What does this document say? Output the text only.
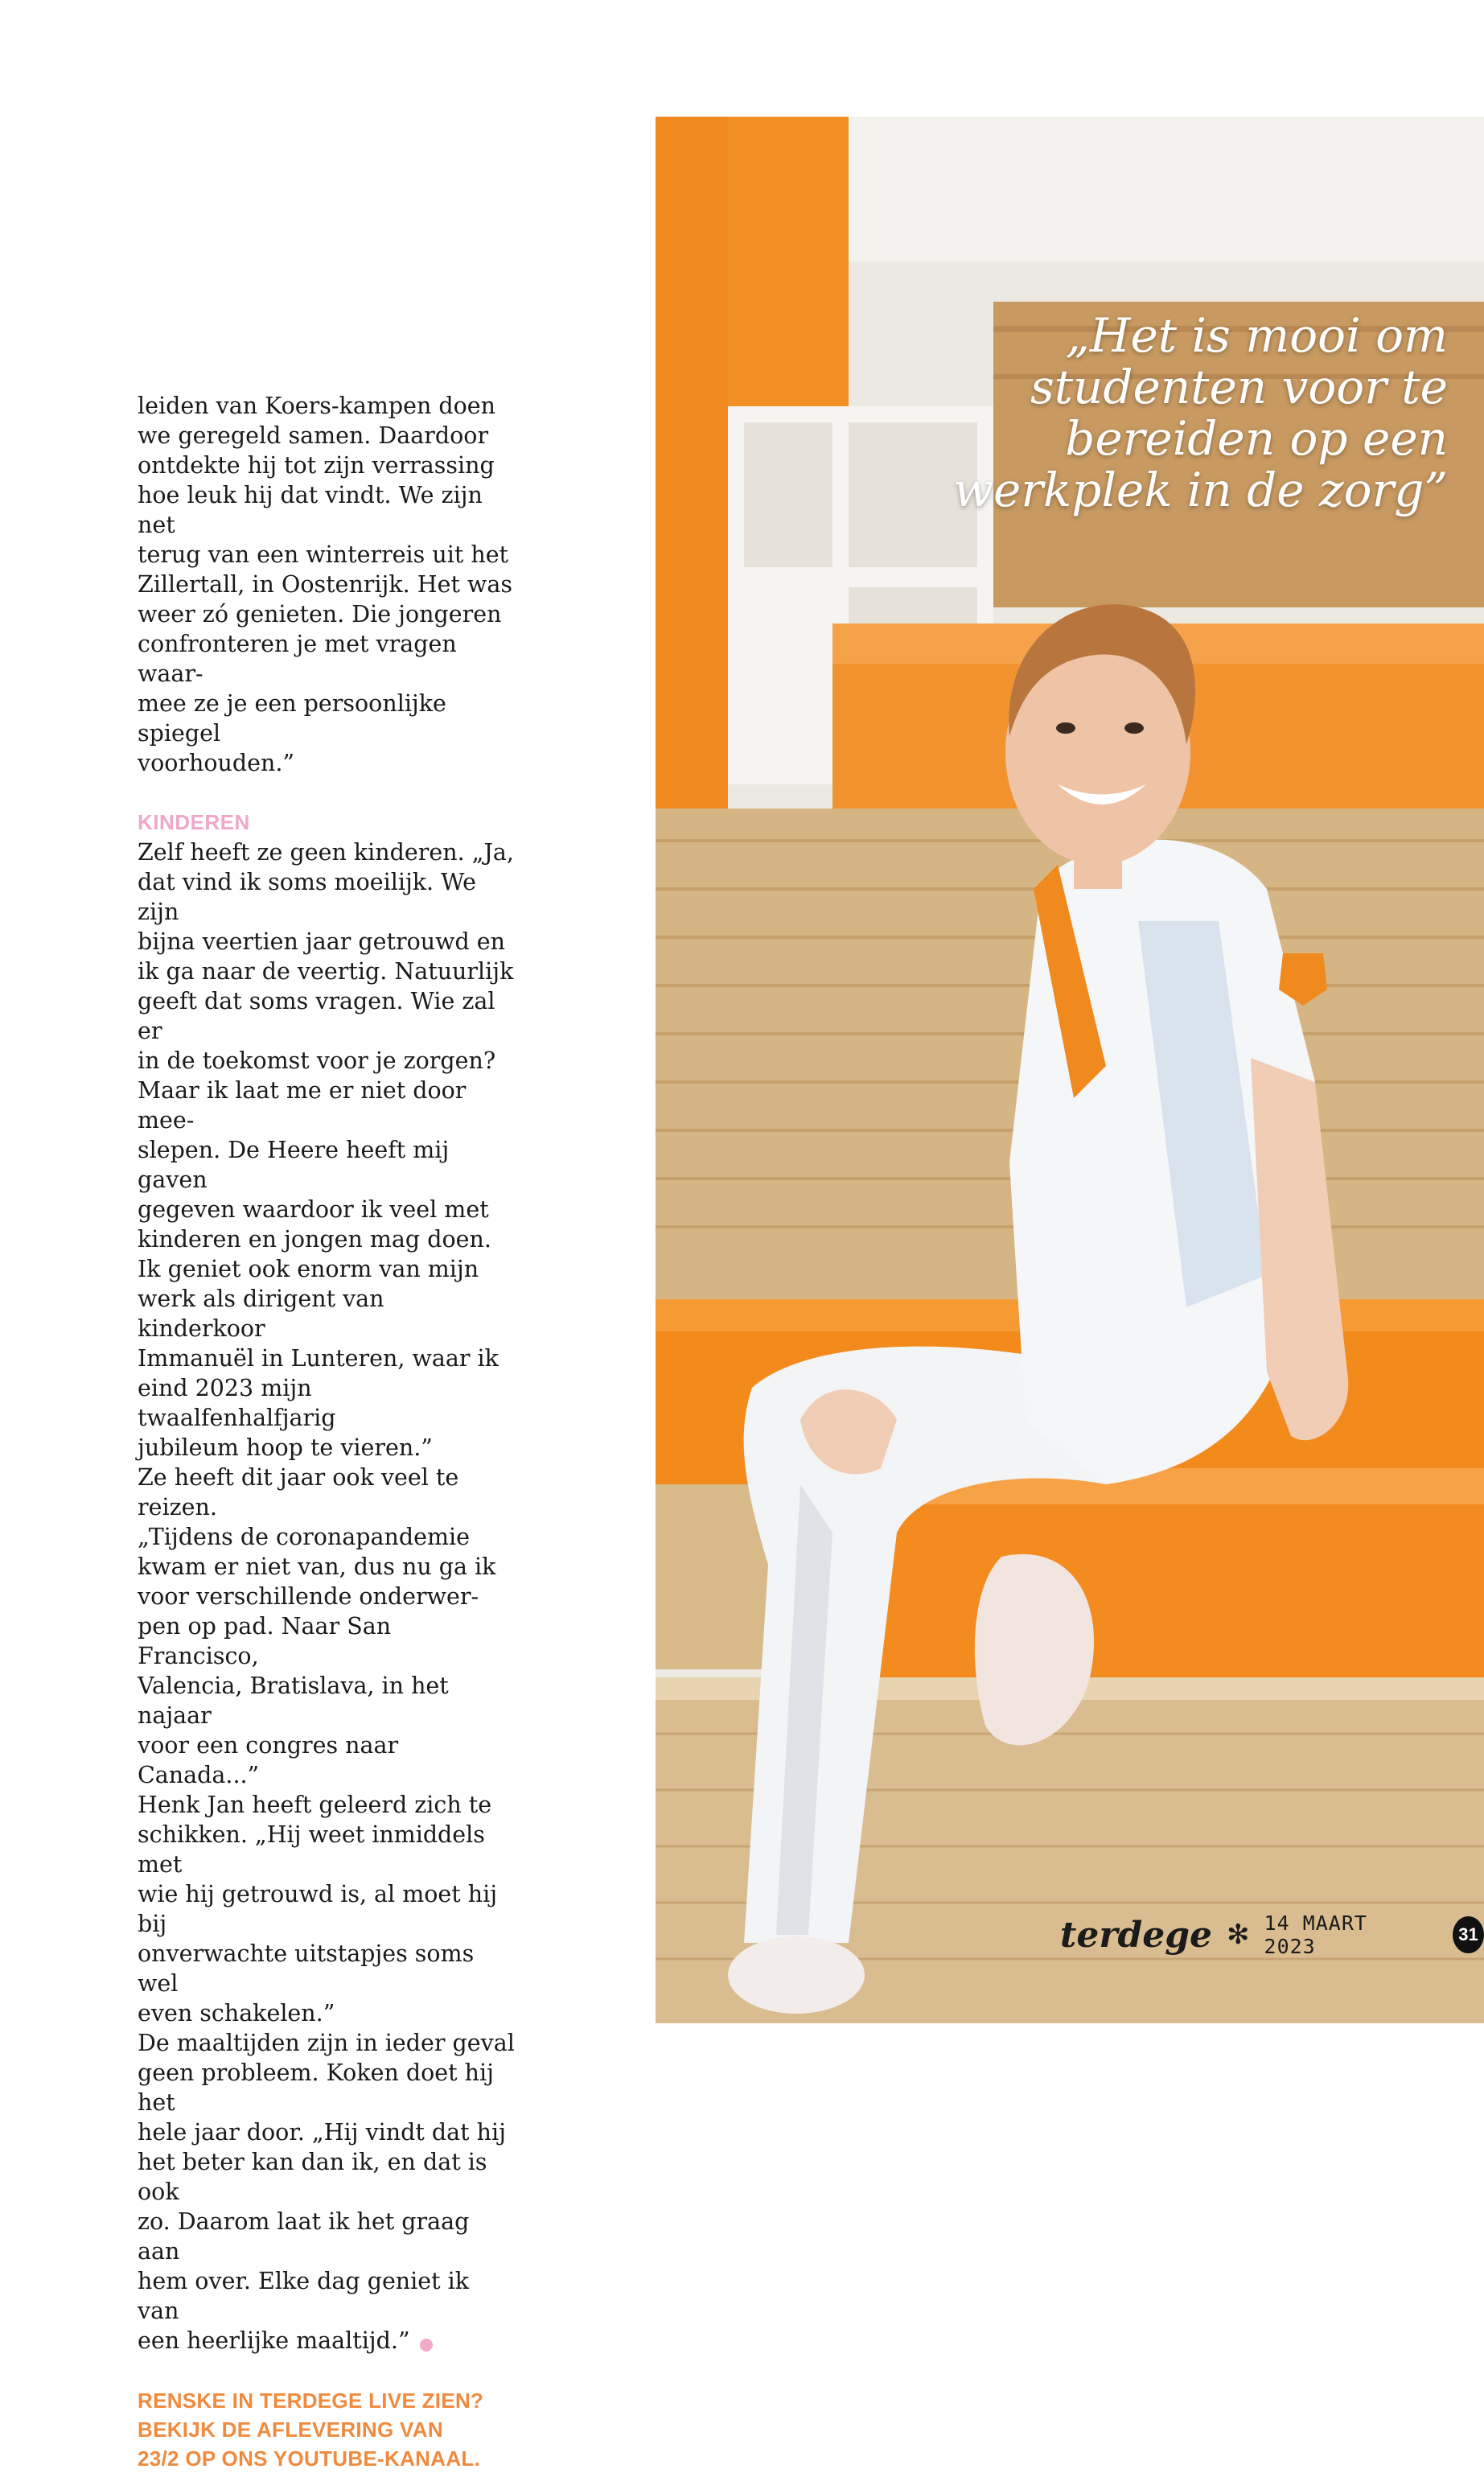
leiden van Koers-kampen doen
we geregeld samen. Daardoor
ontdekte hij tot zijn verrassing
hoe leuk hij dat vindt. We zijn net
terug van een winterreis uit het
Zillertall, in Oostenrijk. Het was
weer zó genieten. Die jongeren
confronteren je met vragen waar-
mee ze je een persoonlijke spiegel
voorhouden.”

KINDEREN

Zelf heeft ze geen kinderen. „Ja,
dat vind ik soms moeilijk. We zijn
bijna veertien jaar getrouwd en
ik ga naar de veertig. Natuurlijk
geeft dat soms vragen. Wie zal er
in de toekomst voor je zorgen?
Maar ik laat me er niet door mee-
slepen. De Heere heeft mij gaven
gegeven waardoor ik veel met
kinderen en jongen mag doen.
Ik geniet ook enorm van mijn
werk als dirigent van kinderkoor
Immanuël in Lunteren, waar ik
eind 2023 mijn twaalfenhalfjarig
jubileum hoop te vieren.”
Ze heeft dit jaar ook veel te reizen.
„Tijdens de coronapandemie
kwam er niet van, dus nu ga ik
voor verschillende onderwer-
pen op pad. Naar San Francisco,
Valencia, Bratislava, in het najaar
voor een congres naar Canada...”
Henk Jan heeft geleerd zich te
schikken. „Hij weet inmiddels met
wie hij getrouwd is, al moet hij bij
onverwachte uitstapjes soms wel
even schakelen.”
De maaltijden zijn in ieder geval
geen probleem. Koken doet hij het
hele jaar door. „Hij vindt dat hij
het beter kan dan ik, en dat is ook
zo. Daarom laat ik het graag aan
hem over. Elke dag geniet ik van
een heerlijke maaltijd.”

RENSKE IN TERDEGE LIVE ZIEN?
BEKIJK DE AFLEVERING VAN
23/2 OP ONS YOUTUBE-KANAAL.
„Het is mooi om
studenten voor te
bereiden op een
werkplek in de zorg”
terdege ✻ 14 MAART 2023
31
